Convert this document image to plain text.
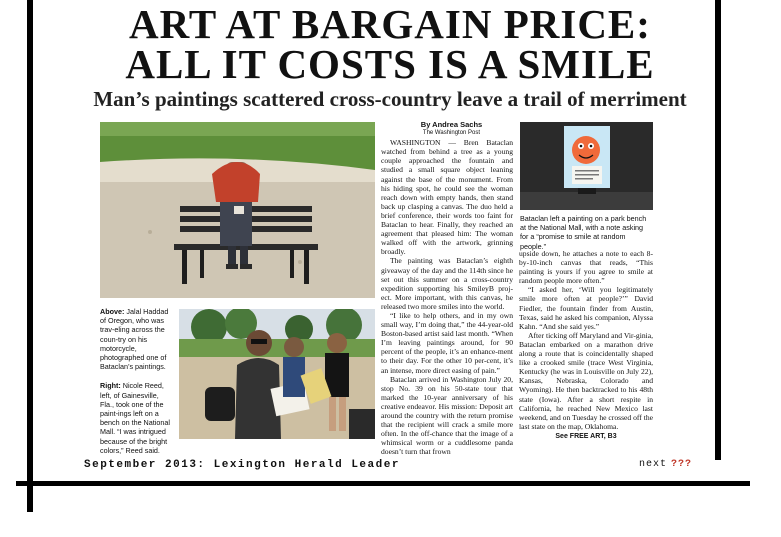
ART AT BARGAIN PRICE:
ALL IT COSTS IS A SMILE
Man’s paintings scattered cross-country leave a trail of merriment
Above: Jalal Haddad of Oregon, who was trav-eling across the coun-try on his motorcycle, photographed one of Bataclan’s paintings.
Right: Nicole Reed, left, of Gainesville, Fla., took one of the paint-ings left on a bench on the National Mall. “I was intrigued because of the bright colors,” Reed said.

By Andrea Sachs

The Washington Post

WASHINGTON — Bren Bataclan watched from behind a tree as a young couple approached the fountain and studied a small square object leaning against the base of the monument. From his hiding spot, he could see the woman reach down with empty hands, then stand back up clasping a canvas. The duo held a brief conference, their words too faint for Bataclan to hear. Finally, they reached an agreement that pleased him: The woman walked off with the artwork, grinning broadly.

The painting was Bataclan’s eighth giveaway of the day and the 114th since he set out this summer on a cross-country expedition supporting his SmileyB proj-ect. More important, with this canvas, he released two more smiles into the world.

“I like to help others, and in my own small way, I’m doing that,” the 44-year-old Boston-based artist said last month. “When I’m leaving paintings around, for 90 percent of the people, it’s an enhance-ment to their day. For the other 10 per-cent, it’s an intense, more direct easing of pain.”

Bataclan arrived in Washington July 20, stop No. 39 on his 50-state tour that marked the 10-year anniversary of his creative endeavor. His mission: Deposit art around the country with the return promise that the recipient will crack a smile more often. In the off-chance that the image of a whimsical worm or a cuddlesome panda doesn’t turn that frown

Bataclan left a painting on a park bench at the National Mall, with a note asking for a “promise to smile at random people.”

upside down, he attaches a note to each 8-by-10-inch canvas that reads, “This painting is yours if you agree to smile at random people more often.”

“I asked her, ‘Will you legitimately smile more often at people?’” David Fiedler, the fountain finder from Austin, Texas, said he asked his companion, Alyssa Kahn. “And she said yes.”

After ticking off Maryland and Vir-ginia, Bataclan embarked on a marathon drive along a route that is coincidentally shaped like a crooked smile (trace West Virginia, Kentucky (he was in Louisville on July 22), Kansas, Nebraska, Colorado and Wyoming). He then backtracked to his 48th state (Iowa). After a short respite in California, he reached New Mexico last weekend, and on Tuesday he crossed off the last state on the map, Oklahoma.

See FREE ART, B3
September 2013: Lexington Herald Leader	next ???
